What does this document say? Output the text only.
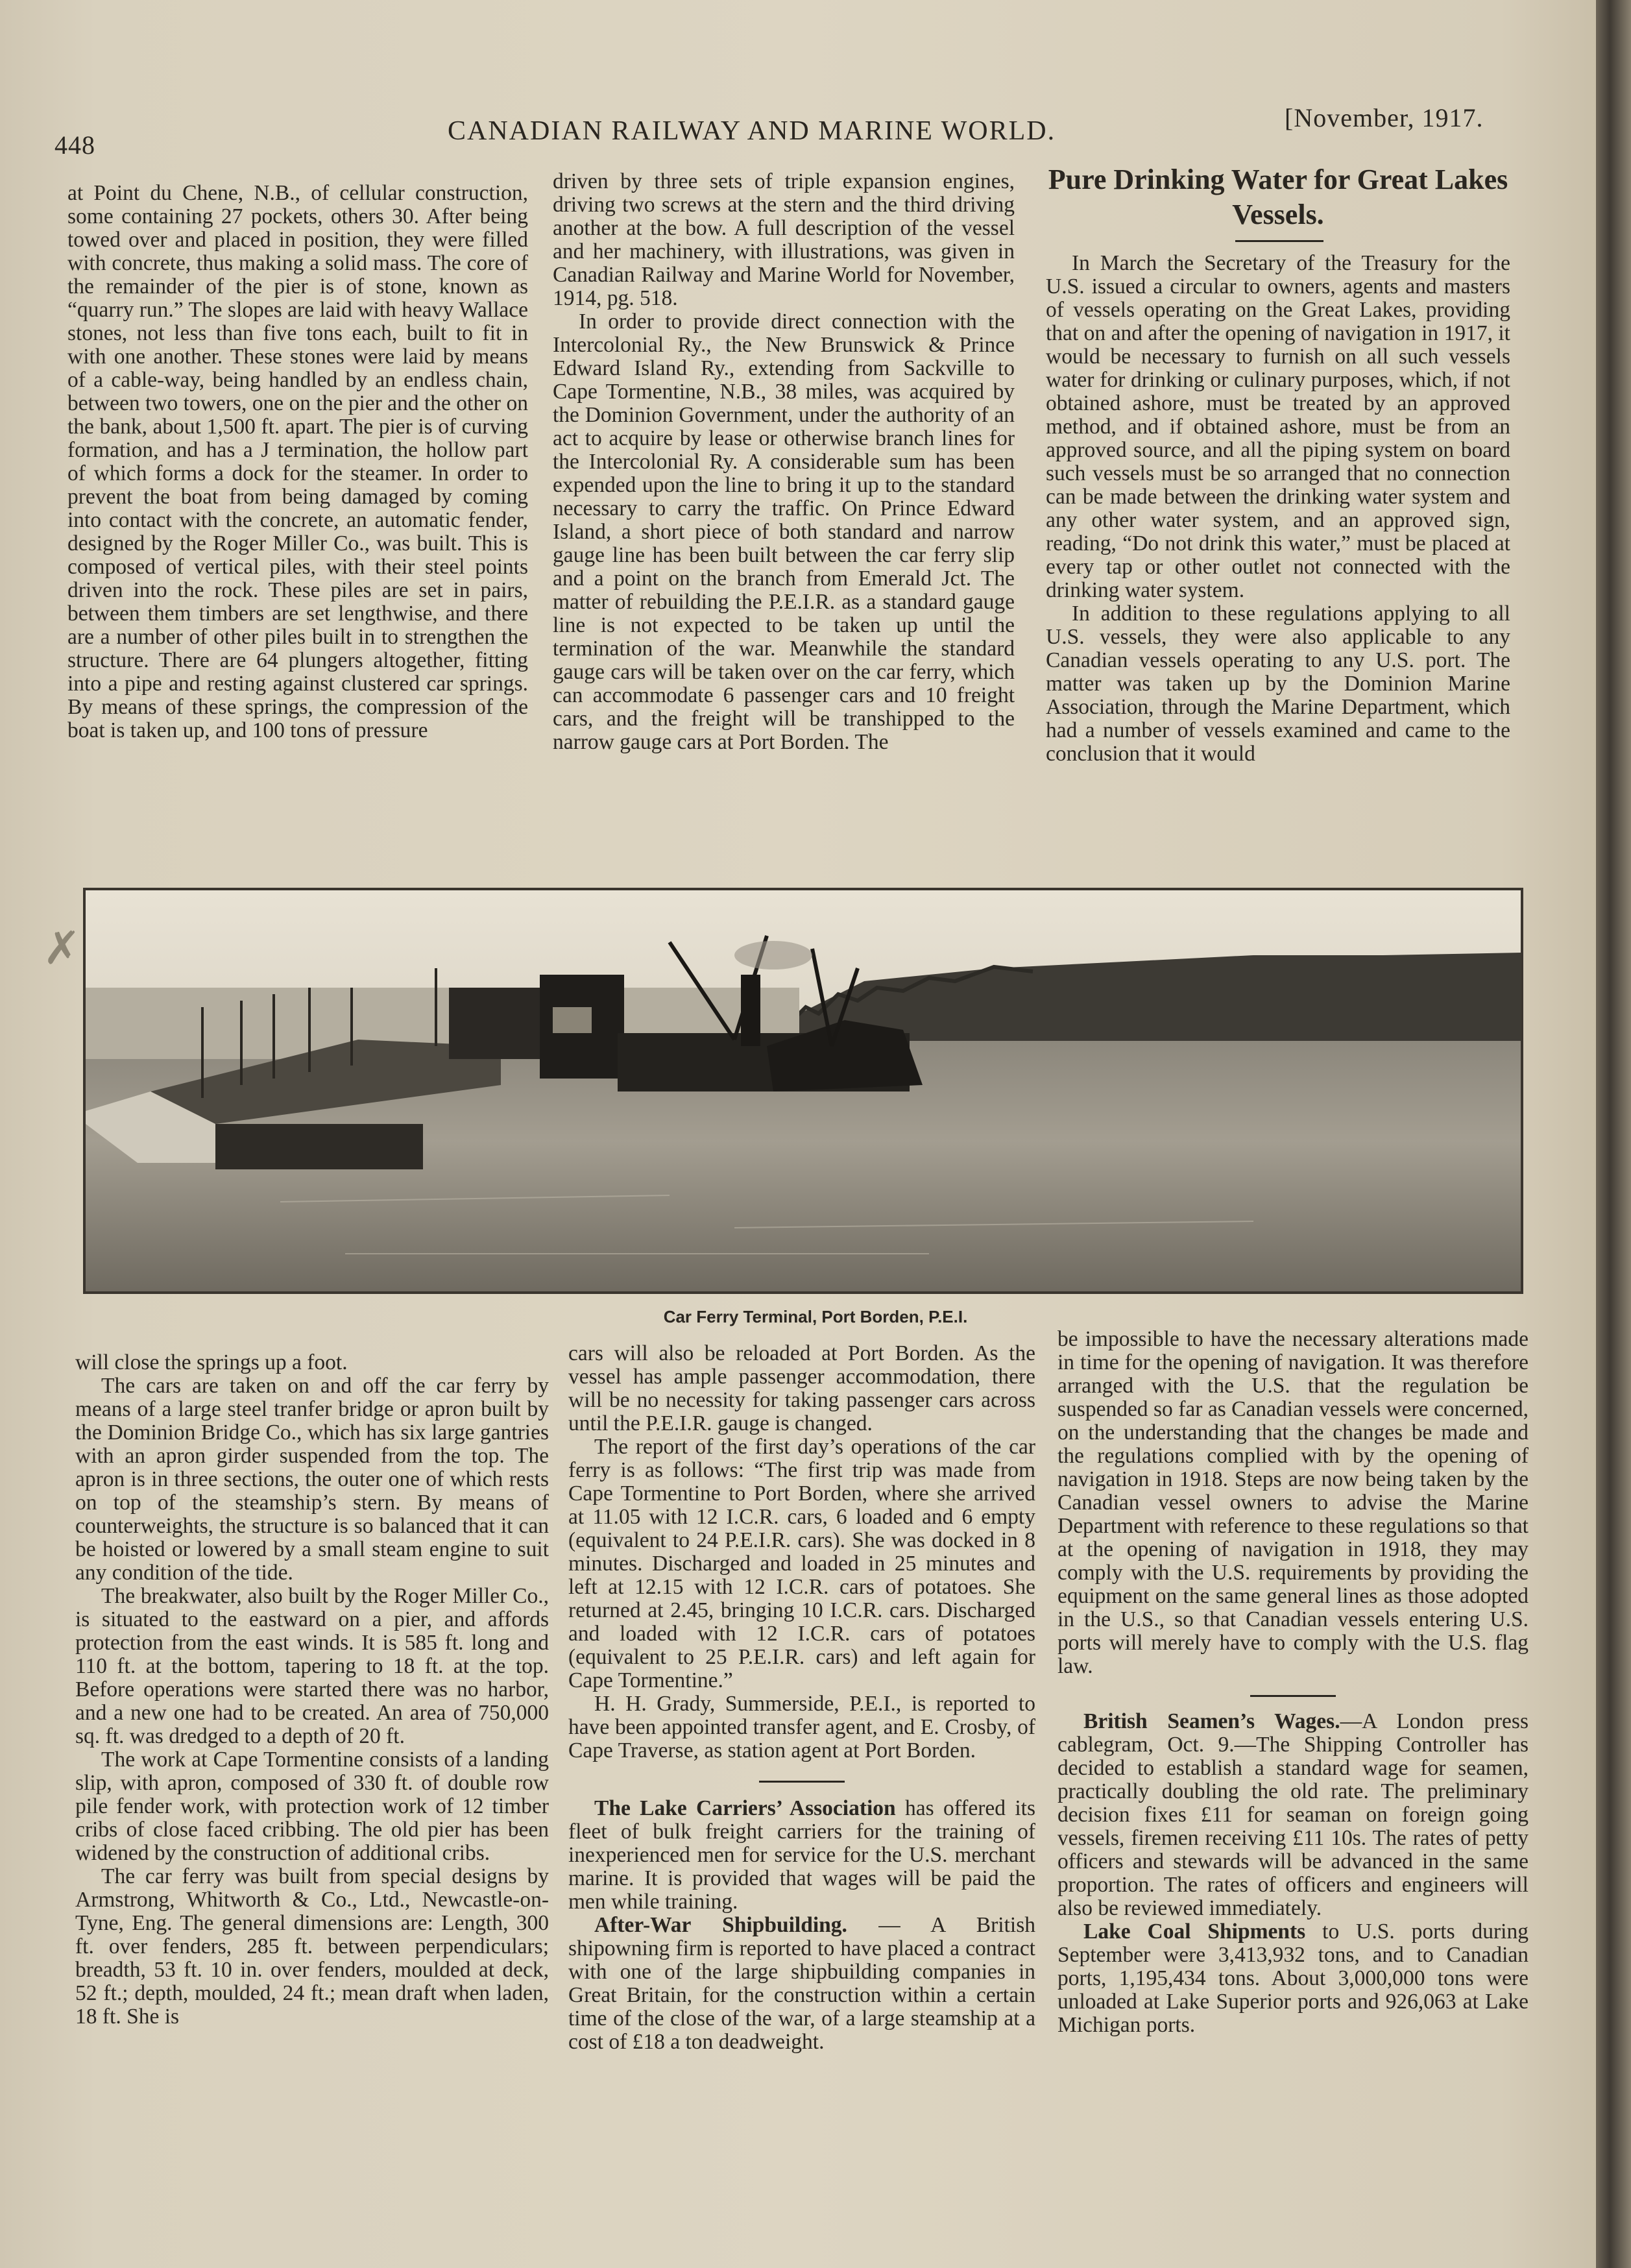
448	CANADIAN RAILWAY AND MARINE WORLD.	[November, 1917.

at Point du Chene, N.B., of cellular construction, some containing 27 pockets, others 30. After being towed over and placed in position, they were filled with concrete, thus making a solid mass. The core of the remainder of the pier is of stone, known as “quarry run.” The slopes are laid with heavy Wallace stones, not less than five tons each, built to fit in with one another. These stones were laid by means of a cable-way, being handled by an endless chain, between two towers, one on the pier and the other on the bank, about 1,500 ft. apart. The pier is of curving formation, and has a J termination, the hollow part of which forms a dock for the steamer. In order to prevent the boat from being damaged by coming into contact with the concrete, an automatic fender, designed by the Roger Miller Co., was built. This is composed of vertical piles, with their steel points driven into the rock. These piles are set in pairs, between them timbers are set lengthwise, and there are a number of other piles built in to strengthen the structure. There are 64 plungers altogether, fitting into a pipe and resting against clustered car springs. By means of these springs, the compression of the boat is taken up, and 100 tons of pressure

driven by three sets of triple expansion engines, driving two screws at the stern and the third driving another at the bow. A full description of the vessel and her machinery, with illustrations, was given in Canadian Railway and Marine World for November, 1914, pg. 518.

In order to provide direct connection with the Intercolonial Ry., the New Brunswick & Prince Edward Island Ry., extending from Sackville to Cape Tormentine, N.B., 38 miles, was acquired by the Dominion Government, under the authority of an act to acquire by lease or otherwise branch lines for the Intercolonial Ry. A considerable sum has been expended upon the line to bring it up to the standard necessary to carry the traffic. On Prince Edward Island, a short piece of both standard and narrow gauge line has been built between the car ferry slip and a point on the branch from Emerald Jct. The matter of rebuilding the P.E.I.R. as a standard gauge line is not expected to be taken up until the termination of the war. Meanwhile the standard gauge cars will be taken over on the car ferry, which can accommodate 6 passenger cars and 10 freight cars, and the freight will be transhipped to the narrow gauge cars at Port Borden. The

Pure Drinking Water for Great Lakes Vessels.

In March the Secretary of the Treasury for the U.S. issued a circular to owners, agents and masters of vessels operating on the Great Lakes, providing that on and after the opening of navigation in 1917, it would be necessary to furnish on all such vessels water for drinking or culinary purposes, which, if not obtained ashore, must be treated by an approved method, and if obtained ashore, must be from an approved source, and all the piping system on board such vessels must be so arranged that no connection can be made between the drinking water system and any other water system, and an approved sign, reading, “Do not drink this water,” must be placed at every tap or other outlet not connected with the drinking water system.

In addition to these regulations applying to all U.S. vessels, they were also applicable to any Canadian vessels operating to any U.S. port. The matter was taken up by the Dominion Marine Association, through the Marine Department, which had a number of vessels examined and came to the conclusion that it would

✗
Car Ferry Terminal, Port Borden, P.E.I.

will close the springs up a foot.

The cars are taken on and off the car ferry by means of a large steel tranfer bridge or apron built by the Dominion Bridge Co., which has six large gantries with an apron girder suspended from the top. The apron is in three sections, the outer one of which rests on top of the steamship’s stern. By means of counterweights, the structure is so balanced that it can be hoisted or lowered by a small steam engine to suit any condition of the tide.

The breakwater, also built by the Roger Miller Co., is situated to the eastward on a pier, and affords protection from the east winds. It is 585 ft. long and 110 ft. at the bottom, tapering to 18 ft. at the top. Before operations were started there was no harbor, and a new one had to be created. An area of 750,000 sq. ft. was dredged to a depth of 20 ft.

The work at Cape Tormentine consists of a landing slip, with apron, composed of 330 ft. of double row pile fender work, with protection work of 12 timber cribs of close faced cribbing. The old pier has been widened by the construction of additional cribs.

The car ferry was built from special designs by Armstrong, Whitworth & Co., Ltd., Newcastle-on-Tyne, Eng. The general dimensions are: Length, 300 ft. over fenders, 285 ft. between perpendiculars; breadth, 53 ft. 10 in. over fenders, moulded at deck, 52 ft.; depth, moulded, 24 ft.; mean draft when laden, 18 ft. She is

cars will also be reloaded at Port Borden. As the vessel has ample passenger accommodation, there will be no necessity for taking passenger cars across until the P.E.I.R. gauge is changed.

The report of the first day’s operations of the car ferry is as follows: “The first trip was made from Cape Tormentine to Port Borden, where she arrived at 11.05 with 12 I.C.R. cars, 6 loaded and 6 empty (equivalent to 24 P.E.I.R. cars). She was docked in 8 minutes. Discharged and loaded in 25 minutes and left at 12.15 with 12 I.C.R. cars of potatoes. She returned at 2.45, bringing 10 I.C.R. cars. Discharged and loaded with 12 I.C.R. cars of potatoes (equivalent to 25 P.E.I.R. cars) and left again for Cape Tormentine.”

H. H. Grady, Summerside, P.E.I., is reported to have been appointed transfer agent, and E. Crosby, of Cape Traverse, as station agent at Port Borden.

The Lake Carriers’ Association has offered its fleet of bulk freight carriers for the training of inexperienced men for service for the U.S. merchant marine. It is provided that wages will be paid the men while training.

After-War Shipbuilding. — A British shipowning firm is reported to have placed a contract with one of the large shipbuilding companies in Great Britain, for the construction within a certain time of the close of the war, of a large steamship at a cost of £18 a ton deadweight.

be impossible to have the necessary alterations made in time for the opening of navigation. It was therefore arranged with the U.S. that the regulation be suspended so far as Canadian vessels were concerned, on the understanding that the changes be made and the regulations complied with by the opening of navigation in 1918. Steps are now being taken by the Canadian vessel owners to advise the Marine Department with reference to these regulations so that at the opening of navigation in 1918, they may comply with the U.S. requirements by providing the equipment on the same general lines as those adopted in the U.S., so that Canadian vessels entering U.S. ports will merely have to comply with the U.S. flag law.

British Seamen’s Wages.—A London press cablegram, Oct. 9.—The Shipping Controller has decided to establish a standard wage for seamen, practically doubling the old rate. The preliminary decision fixes £11 for seaman on foreign going vessels, firemen receiving £11 10s. The rates of petty officers and stewards will be advanced in the same proportion. The rates of officers and engineers will also be reviewed immediately.

Lake Coal Shipments to U.S. ports during September were 3,413,932 tons, and to Canadian ports, 1,195,434 tons. About 3,000,000 tons were unloaded at Lake Superior ports and 926,063 at Lake Michigan ports.
